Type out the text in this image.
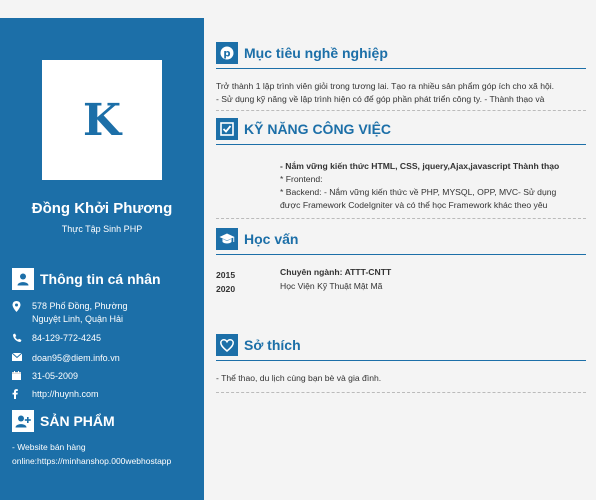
K
Đồng Khởi Phương
Thực Tập Sinh PHP
Thông tin cá nhân
578 Phố Đồng, Phường
Nguyệt Linh, Quận Hải
84-129-772-4245
doan95@diem.info.vn
31-05-2009
http://huynh.com
SẢN PHẨM
- Website bán hàng
online:https://minhanshop.000webhostapp
p Mục tiêu nghề nghiệp
Trở thành 1 lập trình viên giỏi trong tương lai. Tạo ra nhiều sản phẩm góp ích cho xã hội.
- Sử dụng kỹ năng về lập trình hiện có để góp phần phát triển công ty. - Thành thạo và
KỸ NĂNG CÔNG VIỆC
- Nắm vững kiến thức HTML, CSS, jquery,Ajax,javascript Thành thạo
* Frontend:
* Backend: - Nắm vững kiến thức về PHP, MYSQL, OPP, MVC- Sử dụng
được Framework CodeIgniter và có thể học Framework khác theo yêu
Học vấn
2015
2020
Chuyên ngành: ATTT-CNTT
Học Viện Kỹ Thuật Mật Mã
Sở thích
- Thể thao, du lịch cùng bạn bè và gia đình.
